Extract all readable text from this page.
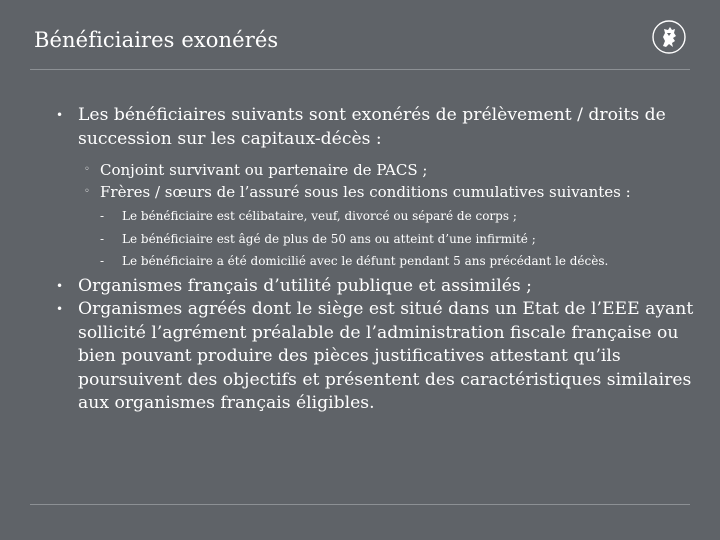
Bénéficiaires exonérés
• Les bénéficiaires suivants sont exonérés de prélèvement / droits de succession sur les capitaux-décès :
◦ Conjoint survivant ou partenaire de PACS ;
◦ Frères / sœurs de l’assuré sous les conditions cumulatives suivantes :
- Le bénéficiaire est célibataire, veuf, divorcé ou séparé de corps ;
- Le bénéficiaire est âgé de plus de 50 ans ou atteint d’une infirmité ;
- Le bénéficiaire a été domicilié avec le défunt pendant 5 ans précédant le décès.
• Organismes français d’utilité publique et assimilés ;
• Organismes agréés dont le siège est situé dans un Etat de l’EEE ayant sollicité l’agrément préalable de l’administration fiscale française ou bien pouvant produire des pièces justificatives attestant qu’ils poursuivent des objectifs et présentent des caractéristiques similaires aux organismes français éligibles.
